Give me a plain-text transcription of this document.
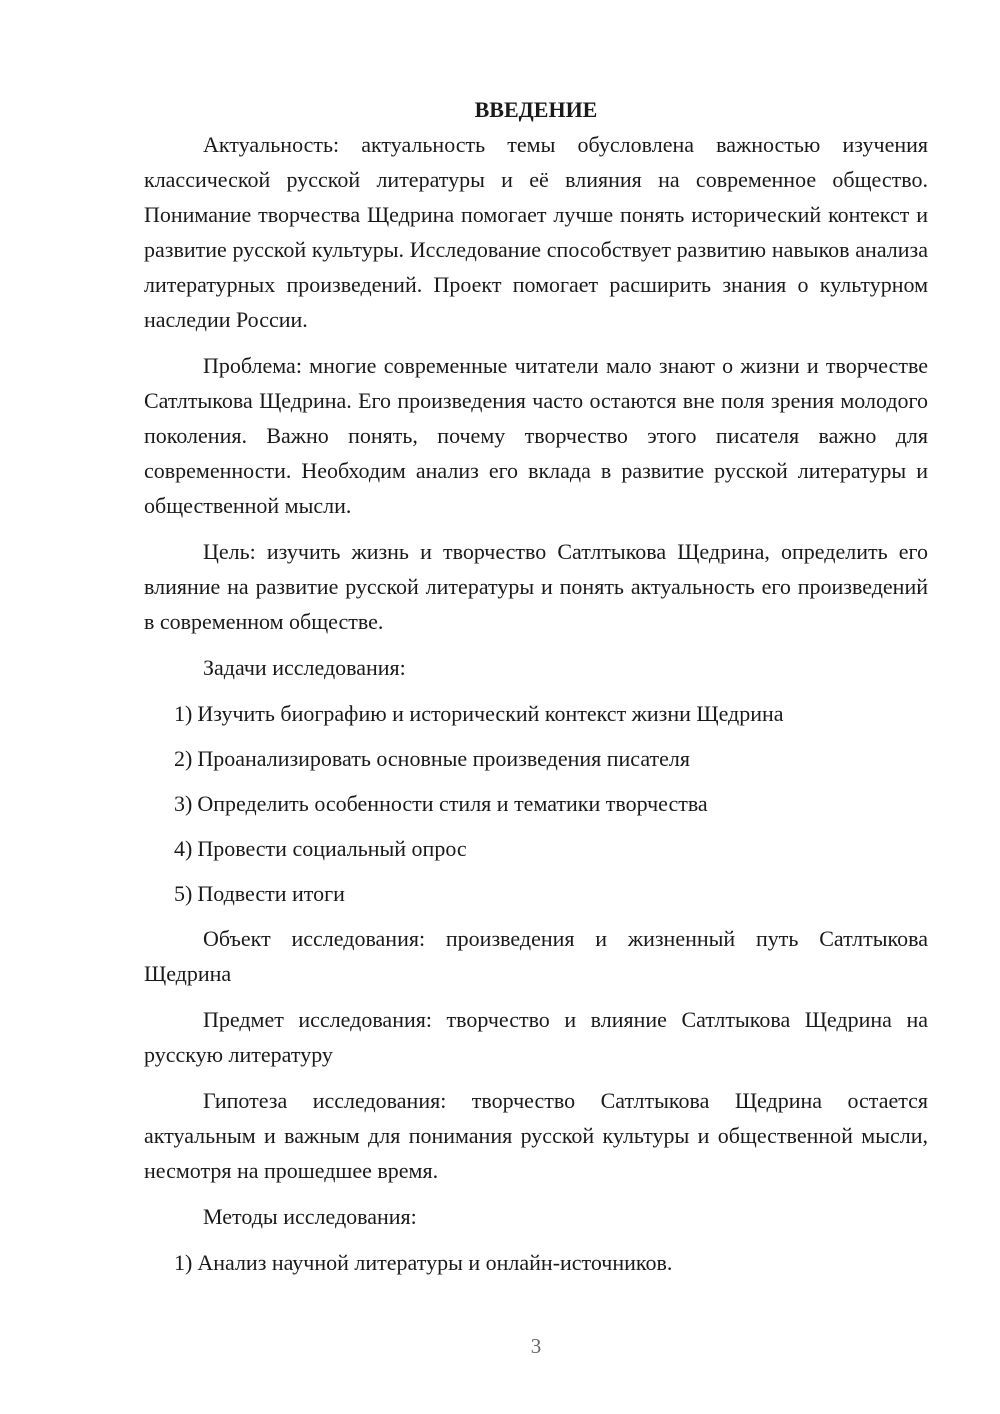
ВВЕДЕНИЕ

Актуальность: актуальность темы обусловлена важностью изучения классической русской литературы и её влияния на современное общество. Понимание творчества Щедрина помогает лучше понять исторический контекст и развитие русской культуры. Исследование способствует развитию навыков анализа литературных произведений. Проект помогает расширить знания о культурном наследии России.

Проблема: многие современные читатели мало знают о жизни и творчестве Сатлтыкова Щедрина. Его произведения часто остаются вне поля зрения молодого поколения. Важно понять, почему творчество этого писателя важно для современности. Необходим анализ его вклада в развитие русской литературы и общественной мысли.

Цель: изучить жизнь и творчество Сатлтыкова Щедрина, определить его влияние на развитие русской литературы и понять актуальность его произведений в современном обществе.

Задачи исследования:

1) Изучить биографию и исторический контекст жизни Щедрина
2) Проанализировать основные произведения писателя
3) Определить особенности стиля и тематики творчества
4) Провести социальный опрос
5) Подвести итоги

Объект исследования: произведения и жизненный путь Сатлтыкова Щедрина

Предмет исследования: творчество и влияние Сатлтыкова Щедрина на русскую литературу

Гипотеза исследования: творчество Сатлтыкова Щедрина остается актуальным и важным для понимания русской культуры и общественной мысли, несмотря на прошедшее время.

Методы исследования:

1) Анализ научной литературы и онлайн-источников.
3
